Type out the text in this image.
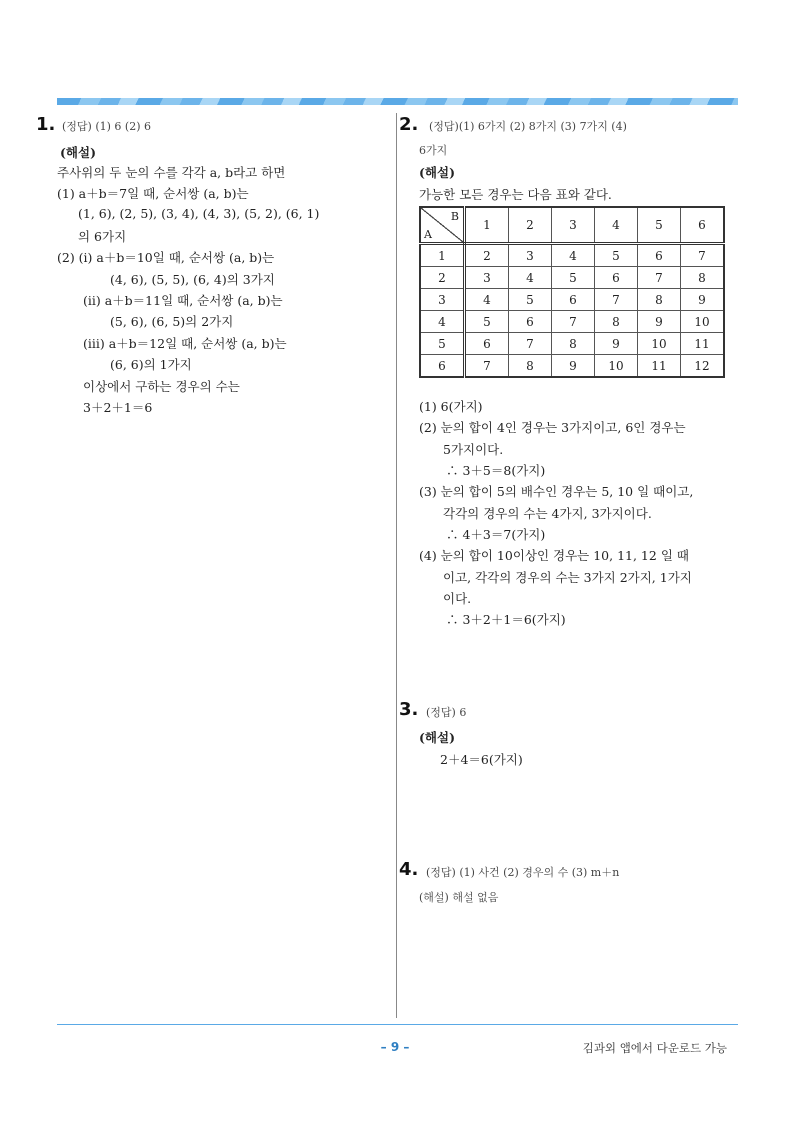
1. (정답) (1) 6 (2) 6
(해설)
주사위의 두 눈의 수를 각각 a, b라고 하면
(1) a＋b＝7일 때, 순서쌍 (a, b)는
(1, 6), (2, 5), (3, 4), (4, 3), (5, 2), (6, 1)
의 6가지
(2) (ⅰ) a＋b＝10일 때, 순서쌍 (a, b)는
(4, 6), (5, 5), (6, 4)의 3가지
(ⅱ) a＋b＝11일 때, 순서쌍 (a, b)는
(5, 6), (6, 5)의 2가지
(ⅲ) a＋b＝12일 때, 순서쌍 (a, b)는
(6, 6)의 1가지
이상에서 구하는 경우의 수는
3＋2＋1＝6
2. (정답)(1) 6가지 (2) 8가지 (3) 7가지 (4)
6가지
(해설)
가능한 모든 경우는 다음 표와 같다.
B
A	1	2	3	4	5	6
1	2	3	4	5	6	7
2	3	4	5	6	7	8
3	4	5	6	7	8	9
4	5	6	7	8	9	10
5	6	7	8	9	10	11
6	7	8	9	10	11	12
(1) 6(가지)
(2) 눈의 합이 4인 경우는 3가지이고, 6인 경우는
5가지이다.
∴ 3＋5＝8(가지)
(3) 눈의 합이 5의 배수인 경우는 5, 10 일 때이고,
각각의 경우의 수는 4가지, 3가지이다.
∴ 4＋3＝7(가지)
(4) 눈의 합이 10이상인 경우는 10, 11, 12 일 때
이고, 각각의 경우의 수는 3가지 2가지, 1가지
이다.
∴ 3＋2＋1＝6(가지)
3. (정답) 6
(해설)
2＋4＝6(가지)
4. (정답) (1) 사건 (2) 경우의 수 (3) m＋n
(해설) 해설 없음
– 9 –	김과외 앱에서 다운로드 가능
